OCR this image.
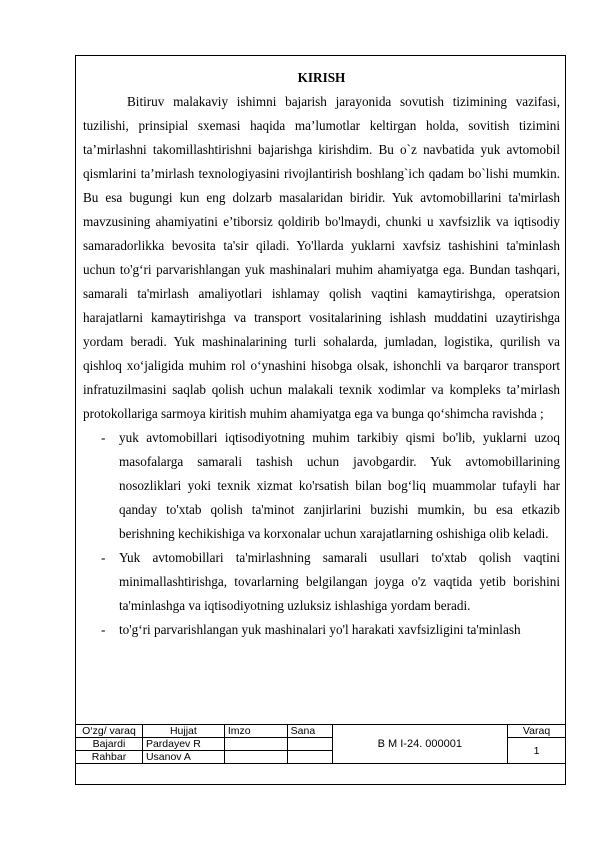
KIRISH

Bitiruv malakaviy ishimni bajarish jarayonida sovutish tizimining vazifasi, tuzilishi, prinsipial sxemasi haqida ma’lumotlar keltirgan holda, sovitish tizimini ta’mirlashni takomillashtirishni bajarishga kirishdim. Bu o`z navbatida yuk avtomobil qismlarini ta’mirlash texnologiyasini rivojlantirish boshlang`ich qadam bo`lishi mumkin. Bu esa bugungi kun eng dolzarb masalaridan biridir. Yuk avtomobillarini ta'mirlash mavzusining ahamiyatini e’tiborsiz qoldirib bo'lmaydi, chunki u xavfsizlik va iqtisodiy samaradorlikka bevosita ta'sir qiladi. Yo'llarda yuklarni xavfsiz tashishini ta'minlash uchun to'g‘ri parvarishlangan yuk mashinalari muhim ahamiyatga ega. Bundan tashqari, samarali ta'mirlash amaliyotlari ishlamay qolish vaqtini kamaytirishga, operatsion harajatlarni kamaytirishga va transport vositalarining ishlash muddatini uzaytirishga yordam beradi. Yuk mashinalarining turli sohalarda, jumladan, logistika, qurilish va qishloq xo‘jaligida muhim rol o‘ynashini hisobga olsak, ishonchli va barqaror transport infratuzilmasini saqlab qolish uchun malakali texnik xodimlar va kompleks ta’mirlash protokollariga sarmoya kiritish muhim ahamiyatga ega va bunga qo‘shimcha ravishda ;

- yuk avtomobillari iqtisodiyotning muhim tarkibiy qismi bo'lib, yuklarni uzoq masofalarga samarali tashish uchun javobgardir. Yuk avtomobillarining nosozliklari yoki texnik xizmat ko'rsatish bilan bog‘liq muammolar tufayli har qanday to'xtab qolish ta'minot zanjirlarini buzishi mumkin, bu esa etkazib berishning kechikishiga va korxonalar uchun xarajatlarning oshishiga olib keladi.
- Yuk avtomobillari ta'mirlashning samarali usullari to'xtab qolish vaqtini minimallashtirishga, tovarlarning belgilangan joyga o'z vaqtida yetib borishini ta'minlashga va iqtisodiyotning uzluksiz ishlashiga yordam beradi.
- to'g‘ri parvarishlangan yuk mashinalari yo'l harakati xavfsizligini ta'minlash
O‘zg/ varaq	Hujjat	Imzo	Sana	B M I-24. 000001	Varaq
Bajardi	Pardayev R				1
Rahbar	Usanov A				
